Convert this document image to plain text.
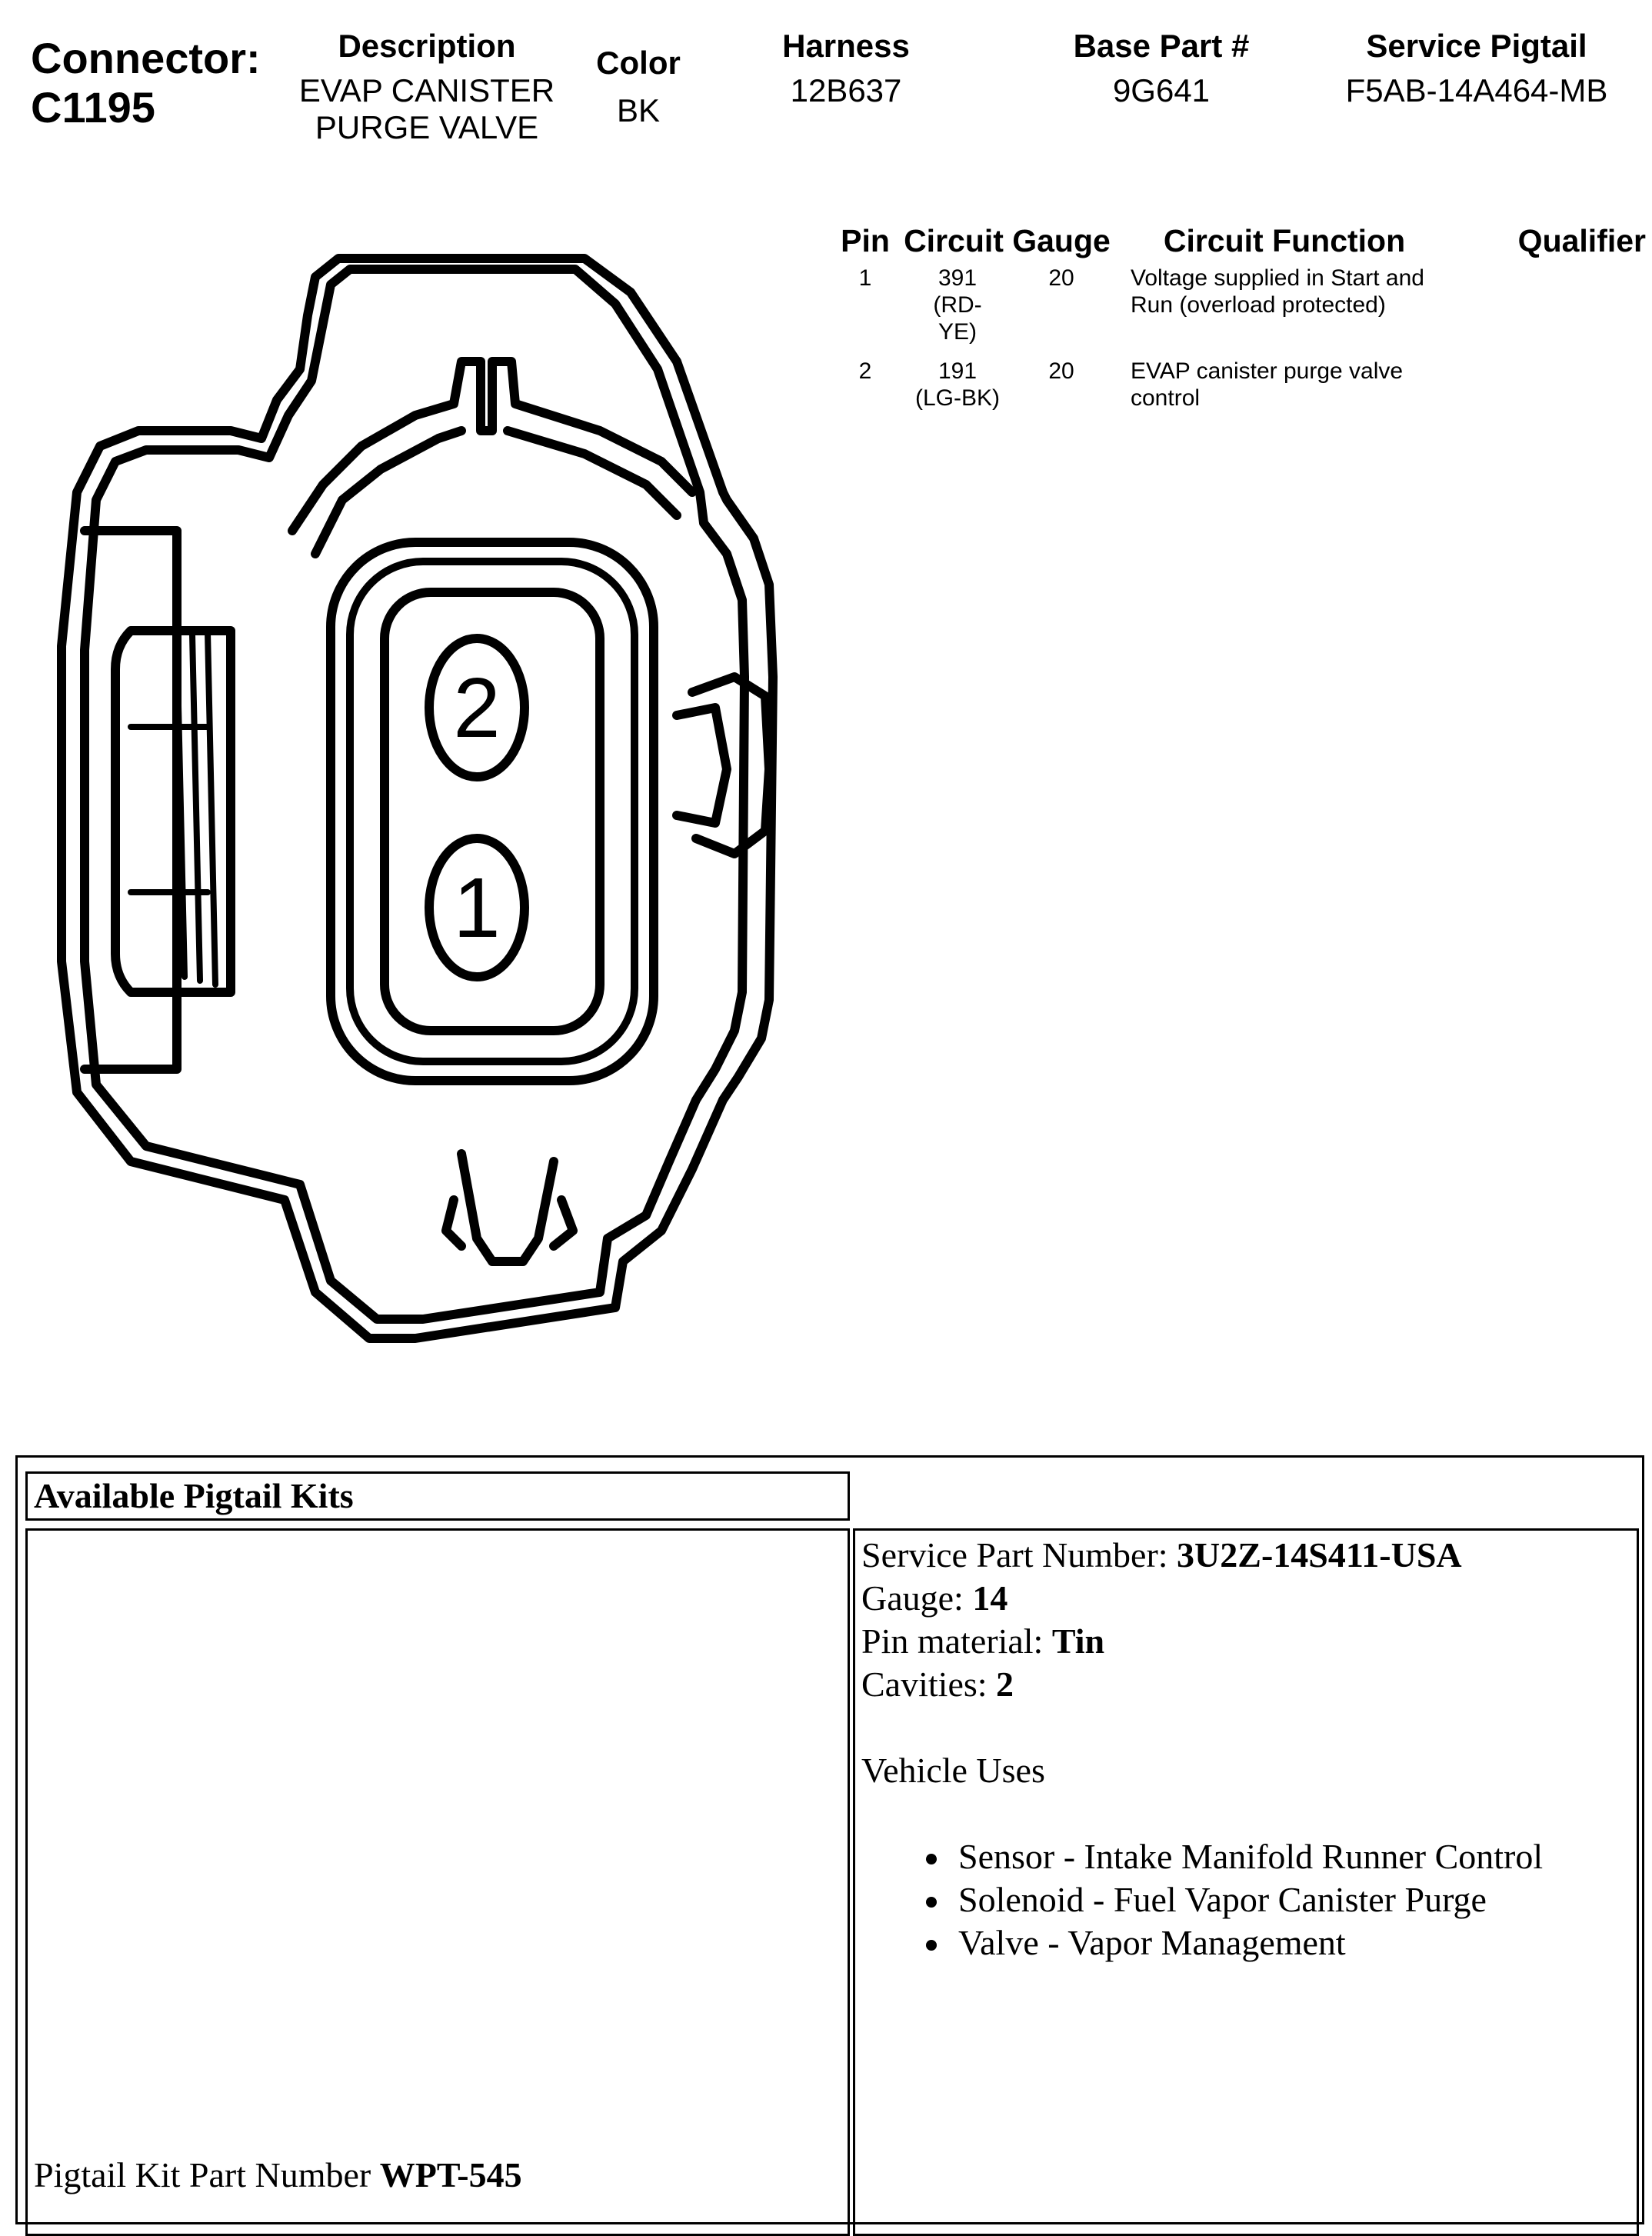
Connector:
C1195
Description
EVAP CANISTER
PURGE VALVE
Color
BK
Harness
12B637
Base Part #
9G641
Service Pigtail
F5AB-14A464-MB
Pin	Circuit	Gauge	Circuit Function	Qualifier
1	391 (RD-YE)	20	Voltage supplied in Start and Run (overload protected)	
2	191 (LG-BK)	20	EVAP canister purge valve control	
2
1
Available Pigtail Kits
Pigtail Kit Part Number WPT-545
Service Part Number: 3U2Z-14S411-USA
Gauge: 14
Pin material: Tin
Cavities: 2
Vehicle Uses
Sensor - Intake Manifold Runner Control
Solenoid - Fuel Vapor Canister Purge
Valve - Vapor Management
